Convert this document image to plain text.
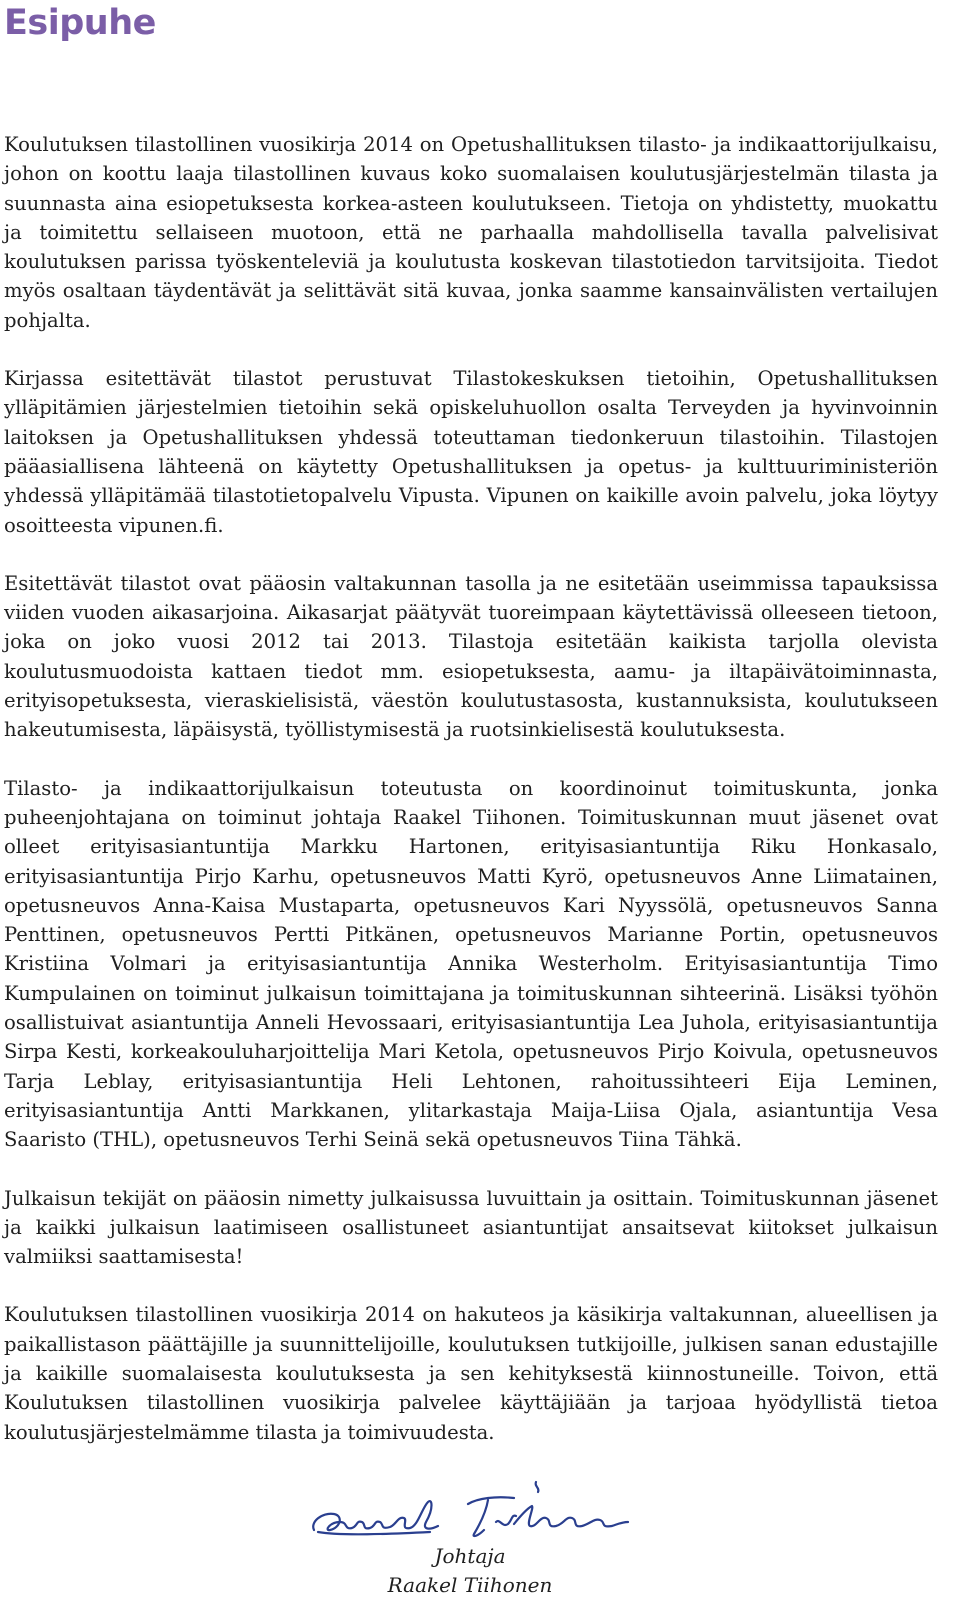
Esipuhe

Koulutuksen tilastollinen vuosikirja 2014 on Opetushallituksen tilasto- ja indikaattorijulkaisu, johon on koottu laaja tilastollinen kuvaus koko suomalaisen koulutusjärjestelmän tilasta ja suunnasta aina esiopetuksesta korkea-asteen koulutukseen. Tietoja on yhdistetty, muokattu ja toimitettu sellaiseen muotoon, että ne parhaalla mahdollisella tavalla palvelisivat koulutuksen parissa työskenteleviä ja koulutusta koskevan tilastotiedon tarvitsijoita. Tiedot myös osaltaan täydentävät ja selittävät sitä kuvaa, jonka saamme kansainvälisten vertailujen pohjalta.

Kirjassa esitettävät tilastot perustuvat Tilastokeskuksen tietoihin, Opetushallituksen ylläpitämien järjestelmien tietoihin sekä opiskeluhuollon osalta Terveyden ja hyvinvoinnin laitoksen ja Opetushallituksen yhdessä toteuttaman tiedonkeruun tilastoihin. Tilastojen pääasiallisena lähteenä on käytetty Opetushallituksen ja opetus- ja kulttuuriministeriön yhdessä ylläpitämää tilastotietopalvelu Vipusta. Vipunen on kaikille avoin palvelu, joka löytyy osoitteesta vipunen.fi.

Esitettävät tilastot ovat pääosin valtakunnan tasolla ja ne esitetään useimmissa tapauksissa viiden vuoden aikasarjoina. Aikasarjat päätyvät tuoreimpaan käytettävissä olleeseen tietoon, joka on joko vuosi 2012 tai 2013. Tilastoja esitetään kaikista tarjolla olevista koulutusmuodoista kattaen tiedot mm. esiopetuksesta, aamu- ja iltapäivätoiminnasta, erityisopetuksesta, vieraskielisistä, väestön koulutustasosta, kustannuksista, koulutukseen hakeutumisesta, läpäisystä, työllistymisestä ja ruotsinkielisestä koulutuksesta.

Tilasto- ja indikaattorijulkaisun toteutusta on koordinoinut toimituskunta, jonka puheenjohtajana on toiminut johtaja Raakel Tiihonen. Toimituskunnan muut jäsenet ovat olleet erityisasiantuntija Markku Hartonen, erityisasiantuntija Riku Honkasalo, erityisasiantuntija Pirjo Karhu, opetusneuvos Matti Kyrö, opetusneuvos Anne Liimatainen, opetusneuvos Anna-Kaisa Mustaparta, opetusneuvos Kari Nyyssölä, opetusneuvos Sanna Penttinen, opetusneuvos Pertti Pitkänen, opetusneuvos Marianne Portin, opetusneuvos Kristiina Volmari ja erityisasiantuntija Annika Westerholm. Erityisasiantuntija Timo Kumpulainen on toiminut julkaisun toimittajana ja toimituskunnan sihteerinä. Lisäksi työhön osallistuivat asiantuntija Anneli Hevossaari, erityisasiantuntija Lea Juhola, erityisasiantuntija Sirpa Kesti, korkeakouluharjoittelija Mari Ketola, opetusneuvos Pirjo Koivula, opetusneuvos Tarja Leblay, erityisasiantuntija Heli Lehtonen, rahoitussihteeri Eija Leminen, erityisasiantuntija Antti Markkanen, ylitarkastaja Maija-Liisa Ojala, asiantuntija Vesa Saaristo (THL), opetusneuvos Terhi Seinä sekä opetusneuvos Tiina Tähkä.

Julkaisun tekijät on pääosin nimetty julkaisussa luvuittain ja osittain. Toimituskunnan jäsenet ja kaikki julkaisun laatimiseen osallistuneet asiantuntijat ansaitsevat kiitokset julkaisun valmiiksi saattamisesta!

Koulutuksen tilastollinen vuosikirja 2014 on hakuteos ja käsikirja valtakunnan, alueellisen ja paikallistason päättäjille ja suunnittelijoille, koulutuksen tutkijoille, julkisen sanan edustajille ja kaikille suomalaisesta koulutuksesta ja sen kehityksestä kiinnostuneille. Toivon, että Koulutuksen tilastollinen vuosikirja palvelee käyttäjiään ja tarjoaa hyödyllistä tietoa koulutusjärjestelmämme tilasta ja toimivuudesta.

Johtaja

Raakel Tiihonen
